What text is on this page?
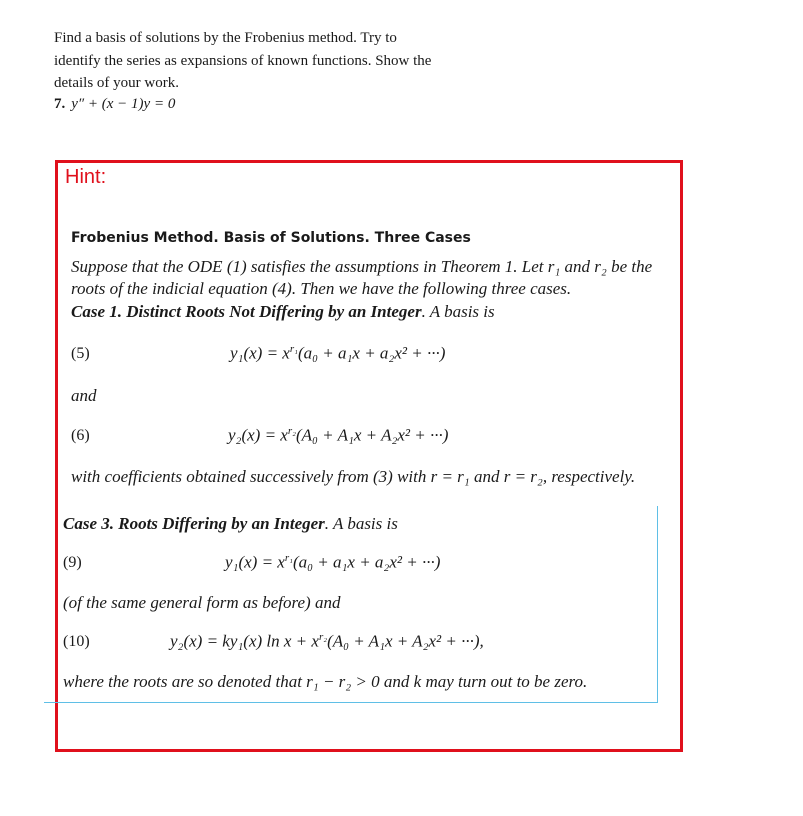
Find a basis of solutions by the Frobenius method. Try to identify the series as expansions of known functions. Show the details of your work.
7. y″ + (x − 1)y = 0
Hint:
Frobenius Method. Basis of Solutions. Three Cases
Suppose that the ODE (1) satisfies the assumptions in Theorem 1. Let r₁ and r₂ be the roots of the indicial equation (4). Then we have the following three cases.
Case 1. Distinct Roots Not Differing by an Integer. A basis is
(5)	$y_1(x) = x^{r_1}(a_0 + a_1x + a_2x^2$ + ···)
and
(6)	$y_2(x) = x^{r_2}(A_0 + A_1x + A_2x^2$ + ···)
with coefficients obtained successively from (3) with r = r₁ and r = r₂, respectively.
Case 3. Roots Differing by an Integer. A basis is
(9)	$y_1(x) = x^{r_1}(a_0 + a_1x + a_2x^2$ + ···)
(of the same general form as before) and
(10)	y₂(x) = ky₁(x) $\ln x + x^{r_2}(A_0 + A_1x + A_2x^2$ + ···),
where the roots are so denoted that r₁ − r₂ > 0 and k may turn out to be zero.
